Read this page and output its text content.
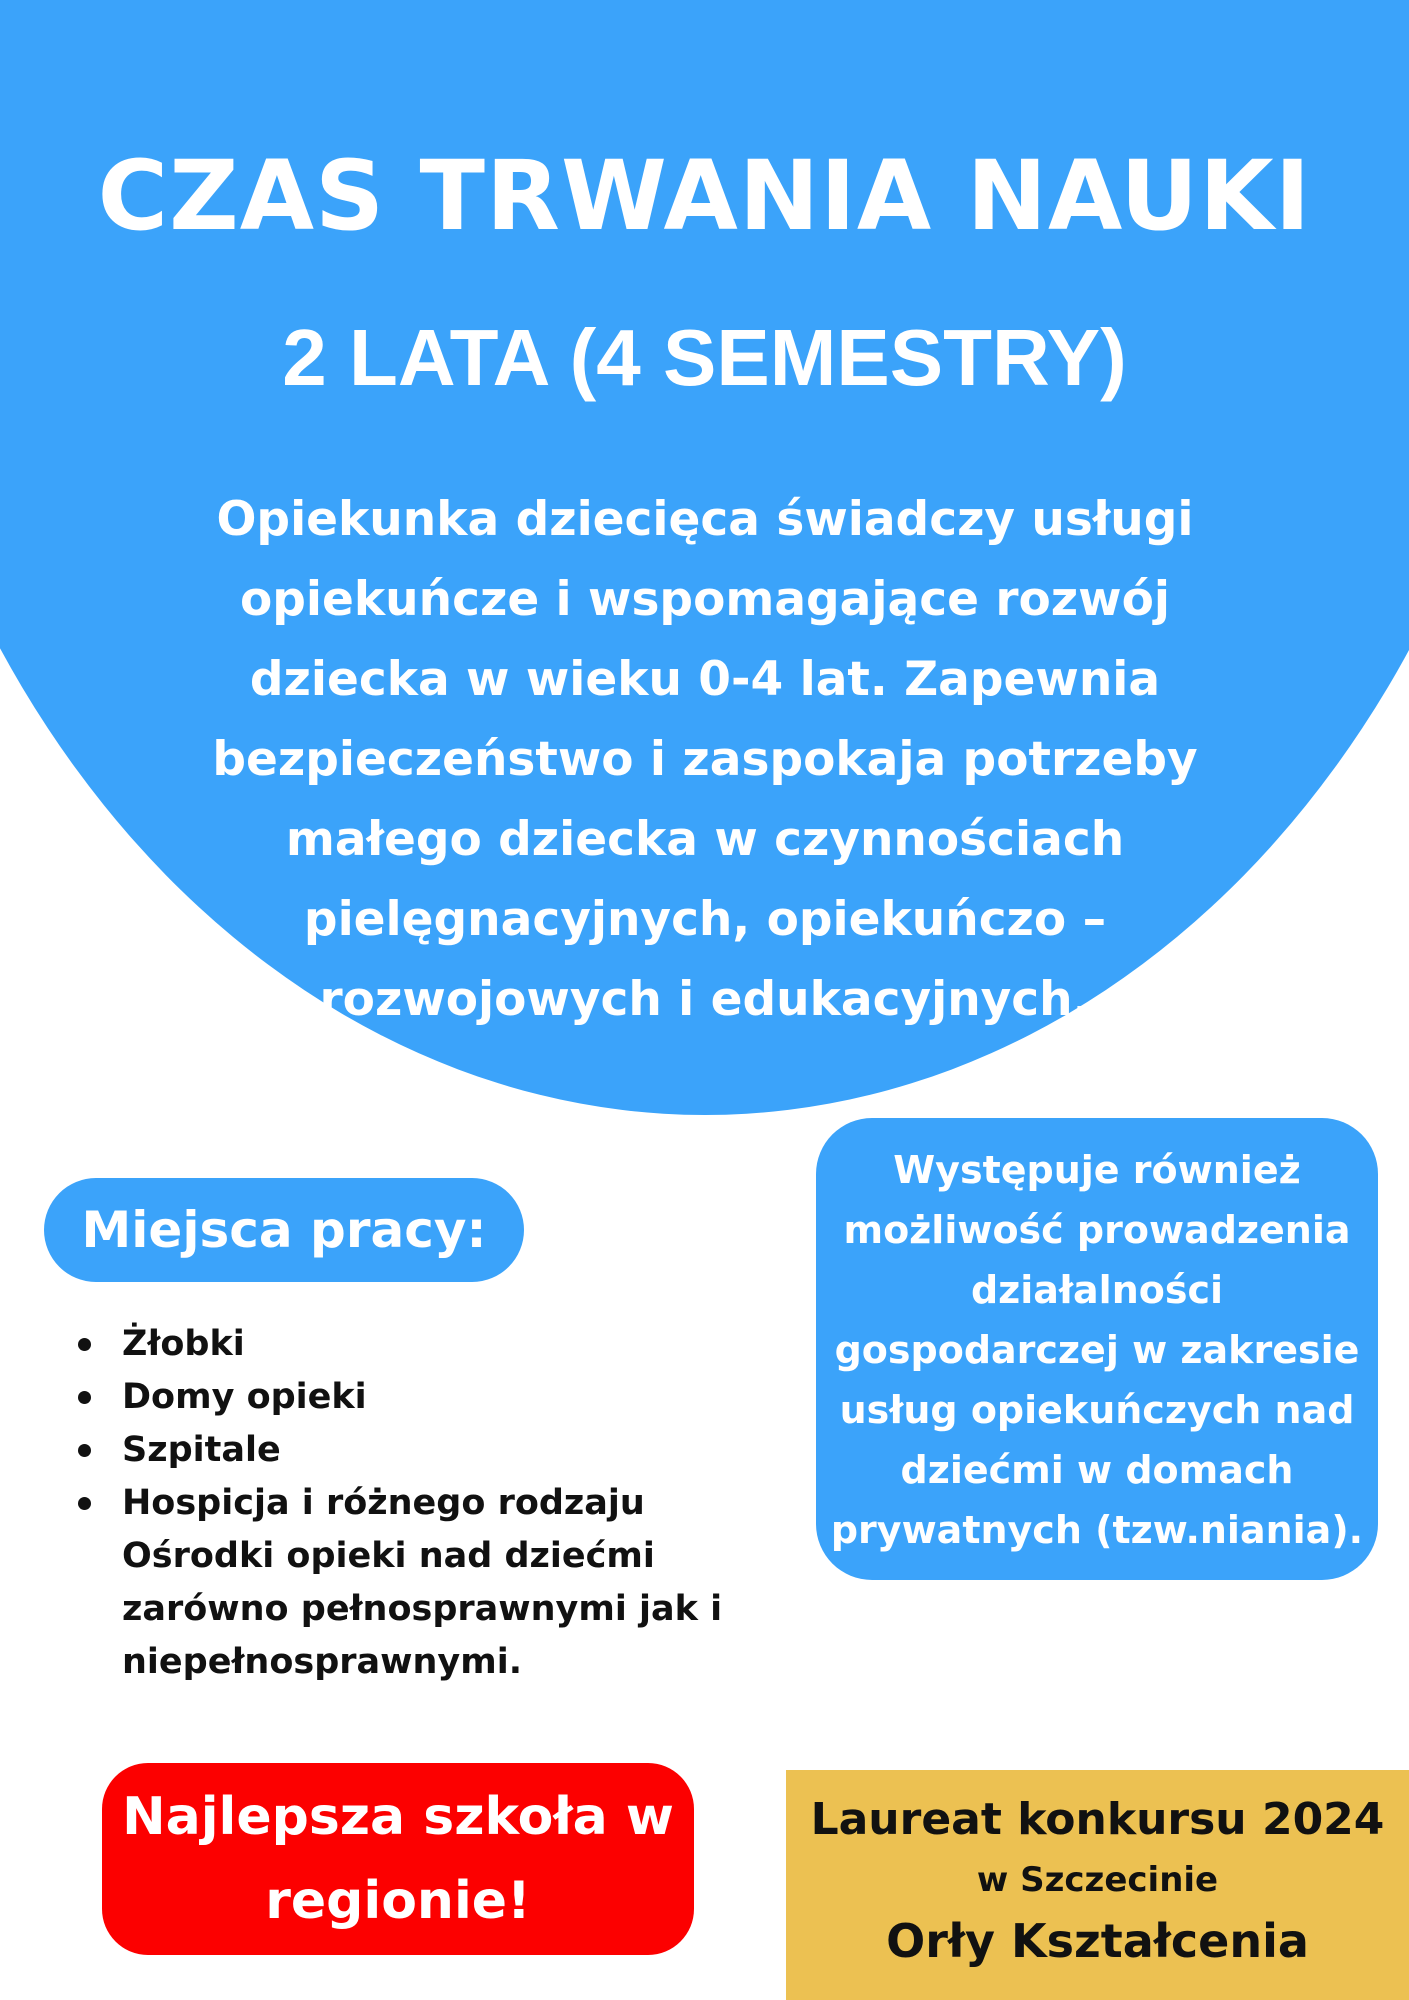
CZAS TRWANIA NAUKI
2 LATA (4 SEMESTRY)
Opiekunka dziecięca świadczy usługi
opiekuńcze i wspomagające rozwój
dziecka w wieku 0-4 lat. Zapewnia
bezpieczeństwo i zaspokaja potrzeby
małego dziecka w czynnościach
pielęgnacyjnych, opiekuńczo –
rozwojowych i edukacyjnych.
Miejsca pracy:
Żłobki
Domy opieki
Szpitale
Hospicja i różnego rodzaju
Ośrodki opieki nad dziećmi
zarówno pełnosprawnymi jak i
niepełnosprawnymi.
Występuje również
możliwość prowadzenia
działalności
gospodarczej w zakresie
usług opiekuńczych nad
dziećmi w domach
prywatnych (tzw.niania).
Najlepsza szkoła w
regionie!
Laureat konkursu 2024
w Szczecinie
Orły Kształcenia
